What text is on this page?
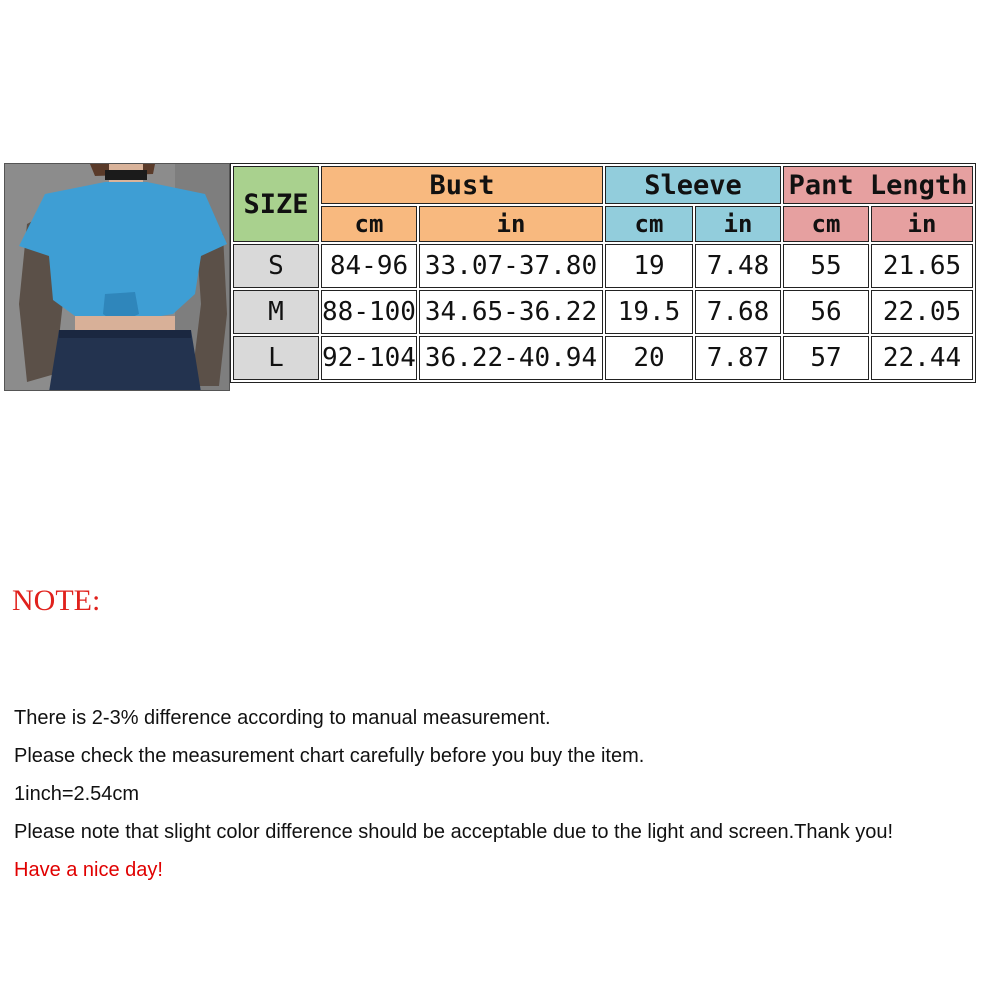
SIZE	Bust		Sleeve		Pant Length	
	cm	in	cm	in	cm	in
S	84-96	33.07-37.80	19	7.48	55	21.65
M	88-100	34.65-36.22	19.5	7.68	56	22.05
L	92-104	36.22-40.94	20	7.87	57	22.44
NOTE:
There is 2-3% difference according to manual measurement.
Please check the measurement chart carefully before you buy the item.
1inch=2.54cm
Please note that slight color difference should be acceptable due to the light and screen.Thank you!
Have a nice day!
